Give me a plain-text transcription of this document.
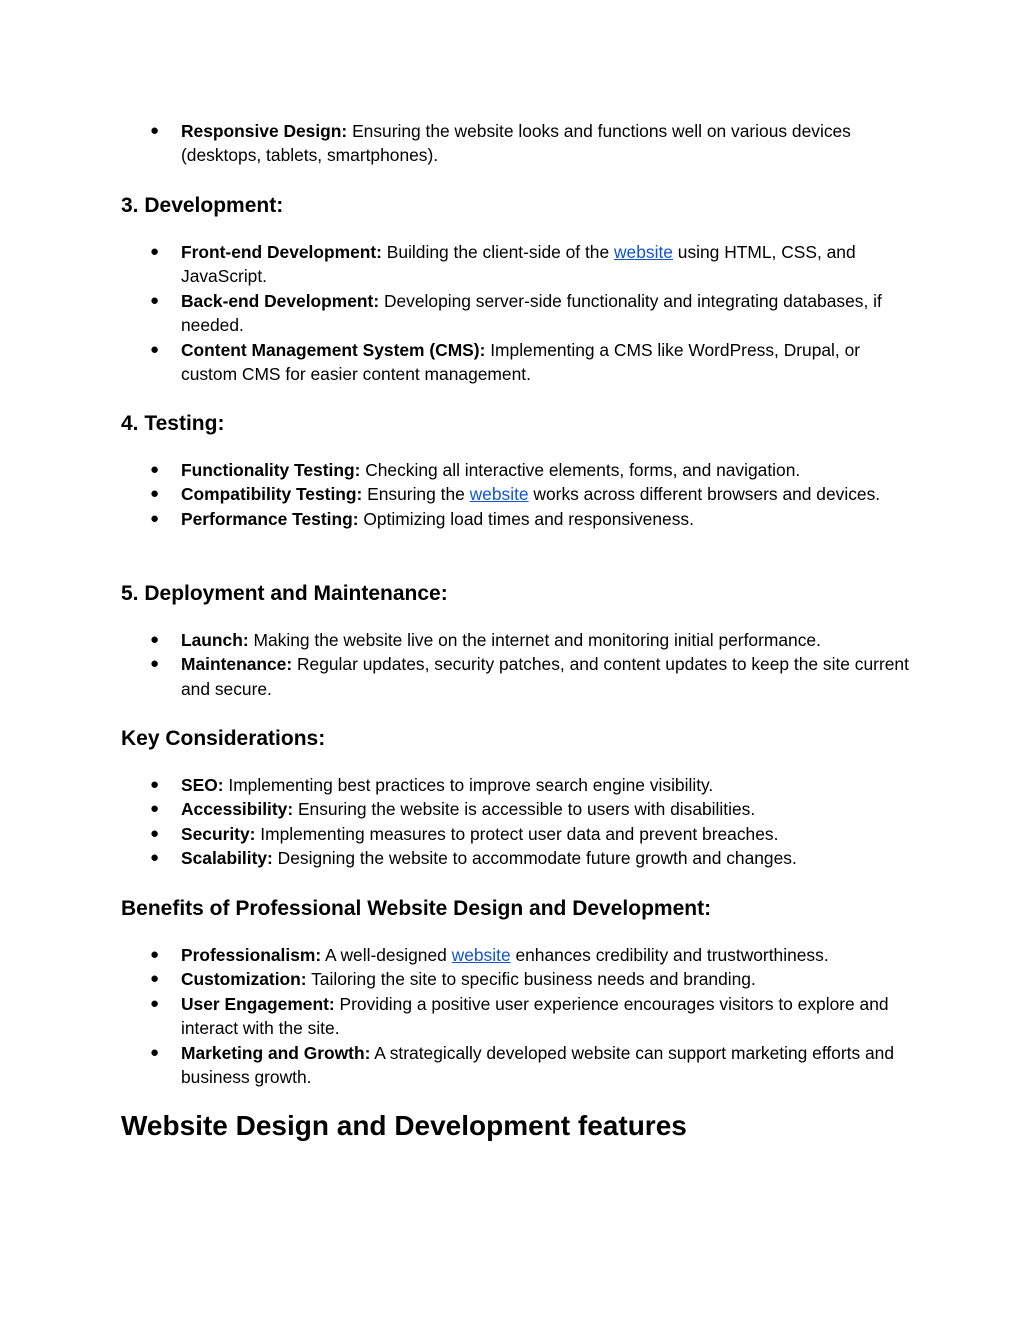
● Responsive Design: Ensuring the website looks and functions well on various devices (desktops, tablets, smartphones).
3. Development:
● Front-end Development: Building the client-side of the website using HTML, CSS, and JavaScript.
● Back-end Development: Developing server-side functionality and integrating databases, if needed.
● Content Management System (CMS): Implementing a CMS like WordPress, Drupal, or custom CMS for easier content management.
4. Testing:
● Functionality Testing: Checking all interactive elements, forms, and navigation.
● Compatibility Testing: Ensuring the website works across different browsers and devices.
● Performance Testing: Optimizing load times and responsiveness.
5. Deployment and Maintenance:
● Launch: Making the website live on the internet and monitoring initial performance.
● Maintenance: Regular updates, security patches, and content updates to keep the site current and secure.
Key Considerations:
● SEO: Implementing best practices to improve search engine visibility.
● Accessibility: Ensuring the website is accessible to users with disabilities.
● Security: Implementing measures to protect user data and prevent breaches.
● Scalability: Designing the website to accommodate future growth and changes.
Benefits of Professional Website Design and Development:
● Professionalism: A well-designed website enhances credibility and trustworthiness.
● Customization: Tailoring the site to specific business needs and branding.
● User Engagement: Providing a positive user experience encourages visitors to explore and interact with the site.
● Marketing and Growth: A strategically developed website can support marketing efforts and business growth.
Website Design and Development features
